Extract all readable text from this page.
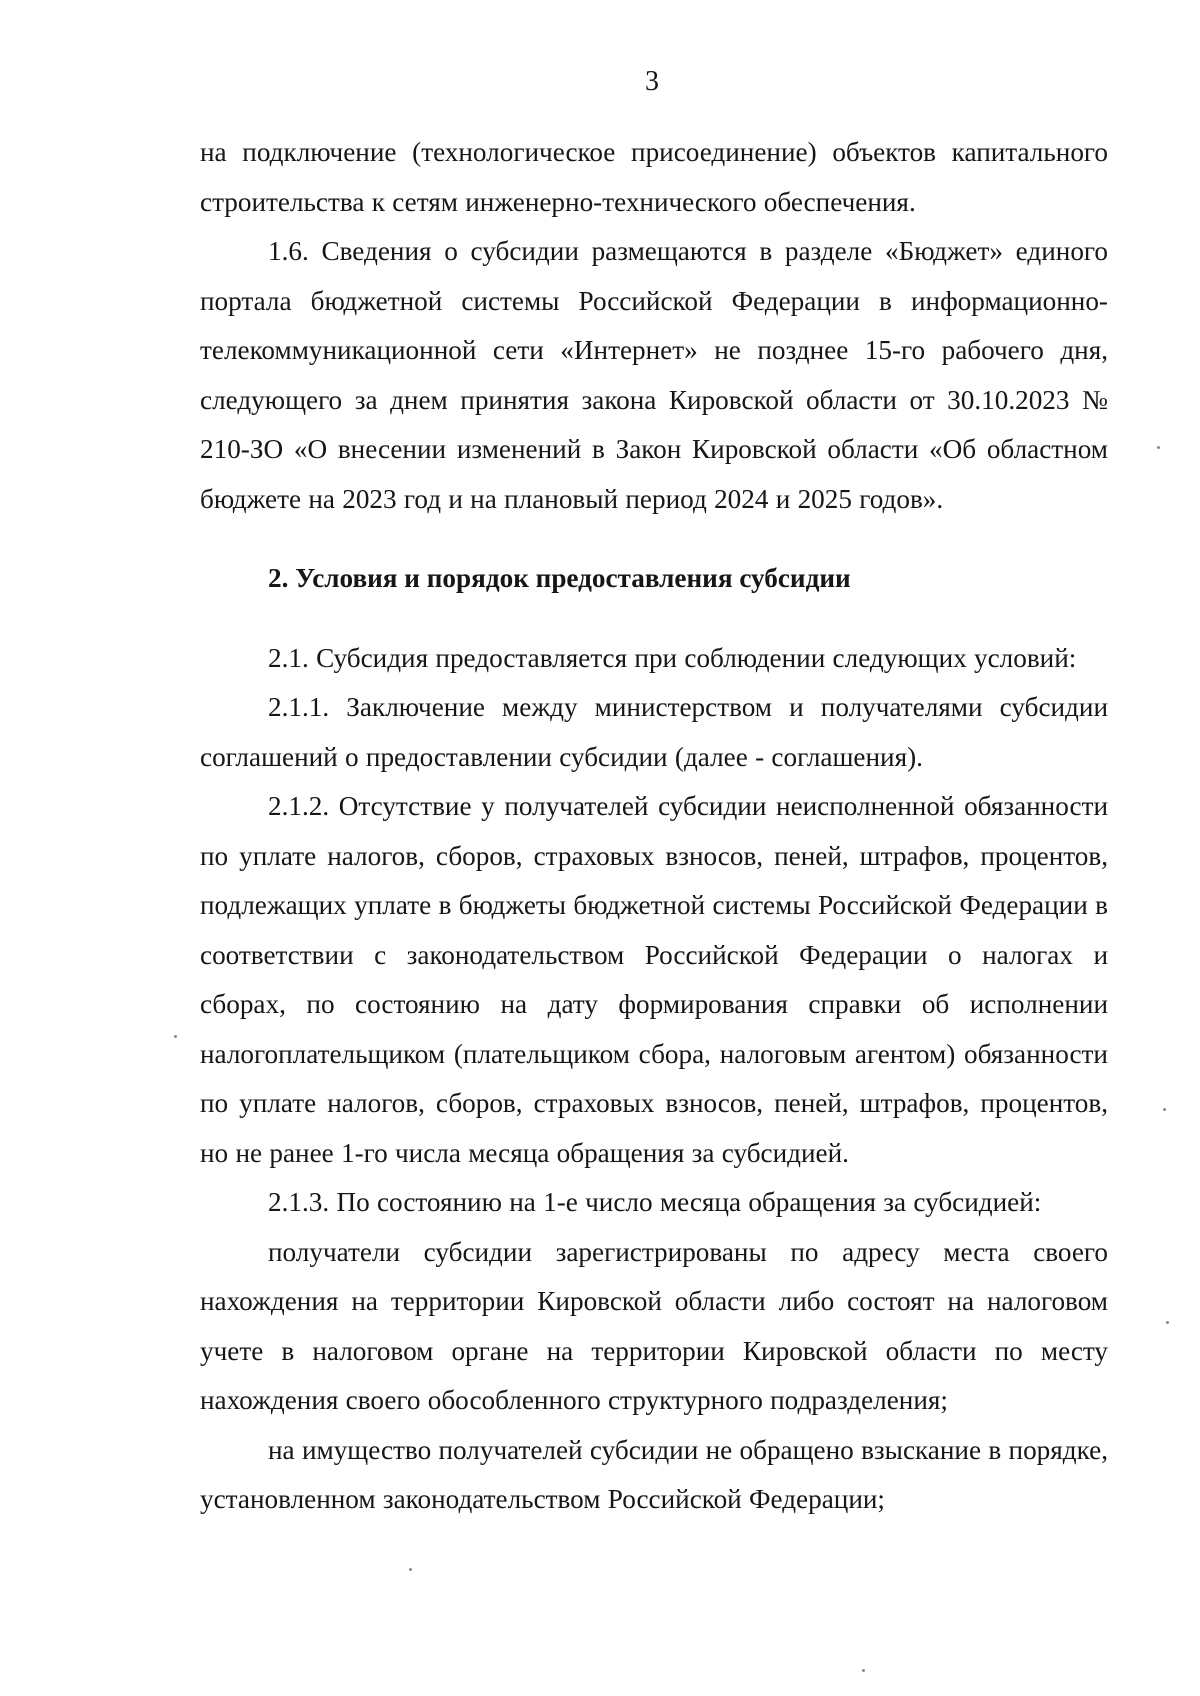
3

на подключение (технологическое присоединение) объектов капитального строительства к сетям инженерно-технического обеспечения.

1.6. Сведения о субсидии размещаются в разделе «Бюджет» единого портала бюджетной системы Российской Федерации в информационно-телекоммуникационной сети «Интернет» не позднее 15-го рабочего дня, следующего за днем принятия закона Кировской области от 30.10.2023 № 210-ЗО «О внесении изменений в Закон Кировской области «Об областном бюджете на 2023 год и на плановый период 2024 и 2025 годов».

2. Условия и порядок предоставления субсидии

2.1. Субсидия предоставляется при соблюдении следующих условий:

2.1.1. Заключение между министерством и получателями субсидии соглашений о предоставлении субсидии (далее - соглашения).

2.1.2. Отсутствие у получателей субсидии неисполненной обязанности по уплате налогов, сборов, страховых взносов, пеней, штрафов, процентов, подлежащих уплате в бюджеты бюджетной системы Российской Федерации в соответствии с законодательством Российской Федерации о налогах и сборах, по состоянию на дату формирования справки об исполнении налогоплательщиком (плательщиком сбора, налоговым агентом) обязанности по уплате налогов, сборов, страховых взносов, пеней, штрафов, процентов, но не ранее 1-го числа месяца обращения за субсидией.

2.1.3. По состоянию на 1-е число месяца обращения за субсидией:

получатели субсидии зарегистрированы по адресу места своего нахождения на территории Кировской области либо состоят на налоговом учете в налоговом органе на территории Кировской области по месту нахождения своего обособленного структурного подразделения;

на имущество получателей субсидии не обращено взыскание в порядке, установленном законодательством Российской Федерации;
